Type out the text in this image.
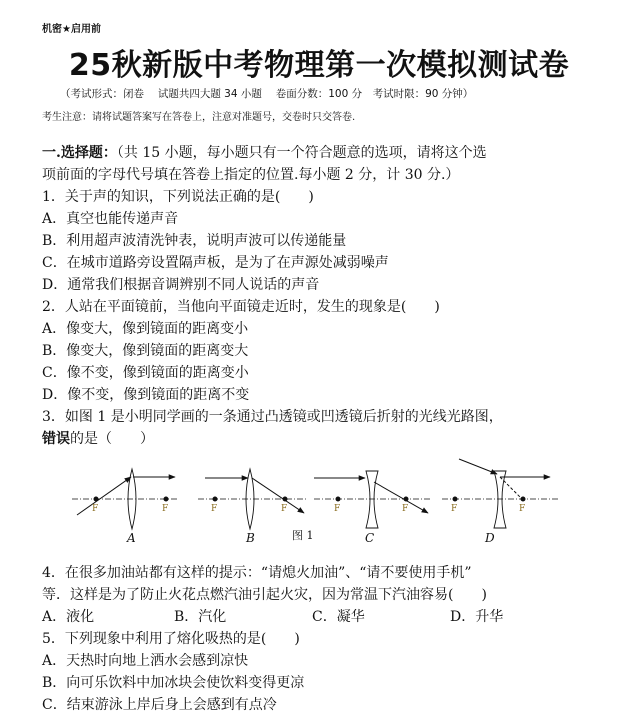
机密★启用前
25秋新版中考物理第一次模拟测试卷
（考试形式：闭卷　 试题共四大题 34 小题　 卷面分数：100 分　考试时限：90 分钟）
考生注意：请将试题答案写在答卷上，注意对准题号，交卷时只交答卷.
一.选择题：（共 15 小题，每小题只有一个符合题意的选项，请将这个选
项前面的字母代号填在答卷上指定的位置.每小题 2 分，计 30 分.）
1．关于声的知识，下列说法正确的是(　　)
A．真空也能传递声音
B．利用超声波清洗钟表，说明声波可以传递能量
C．在城市道路旁设置隔声板，是为了在声源处减弱噪声
D．通常我们根据音调辨别不同人说话的声音
2．人站在平面镜前，当他向平面镜走近时，发生的现象是(　　)
A．像变大，像到镜面的距离变小
B．像变大，像到镜面的距离变大
C．像不变，像到镜面的距离变小
D．像不变，像到镜面的距离不变
3．如图 1 是小明同学画的一条通过凸透镜或凹透镜后折射的光线光路图，
错误的是（　　）
F	F
A
F	F
B	图 1
F	F
C
F	F
D
4．在很多加油站都有这样的提示：“请熄火加油”、“请不要使用手机”
等．这样是为了防止火花点燃汽油引起火灾，因为常温下汽油容易(　　)
A．液化	B．汽化	C．凝华	D．升华
5．下列现象中利用了熔化吸热的是(　　)
A．天热时向地上洒水会感到凉快
B．向可乐饮料中加冰块会使饮料变得更凉
C．结束游泳上岸后身上会感到有点冷
